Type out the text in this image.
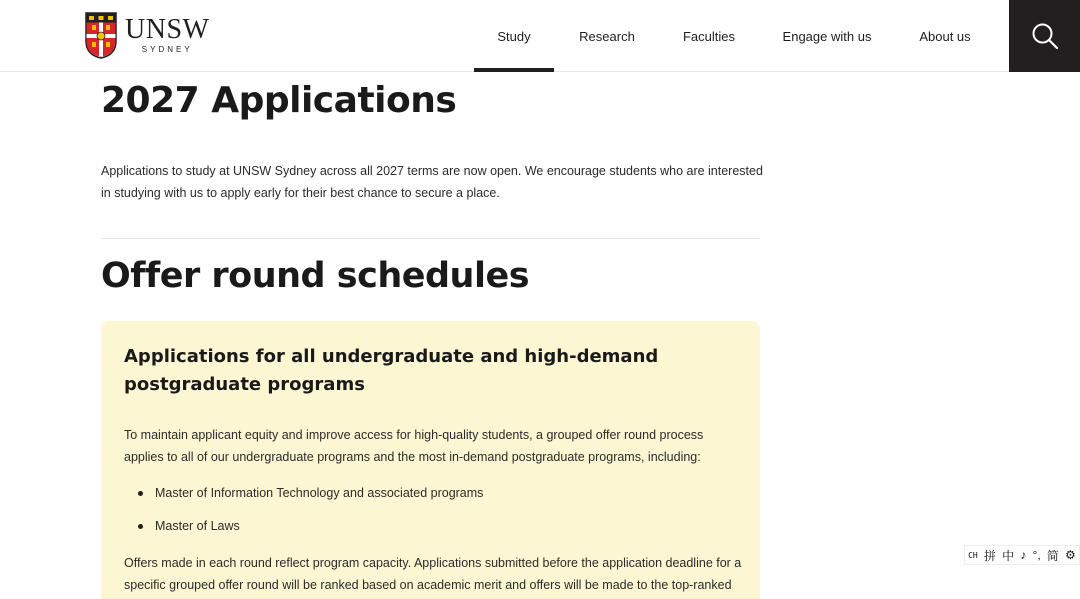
UNSW
SYDNEY
Study	Research	Faculties	Engage with us	About us
2027 Applications

Applications to study at UNSW Sydney across all 2027 terms are now open. We encourage students who are interested in studying with us to apply early for their best chance to secure a place.

Offer round schedules
Applications for all undergraduate and high-demand postgraduate programs

To maintain applicant equity and improve access for high-quality students, a grouped offer round process applies to all of our undergraduate programs and the most in-demand postgraduate programs, including:

Master of Information Technology and associated programs
Master of Laws

Offers made in each round reflect program capacity. Applications submitted before the application deadline for a specific grouped offer round will be ranked based on academic merit and offers will be made to the top-ranked

CH 拼 中 ♪ °, 简 ⚙
